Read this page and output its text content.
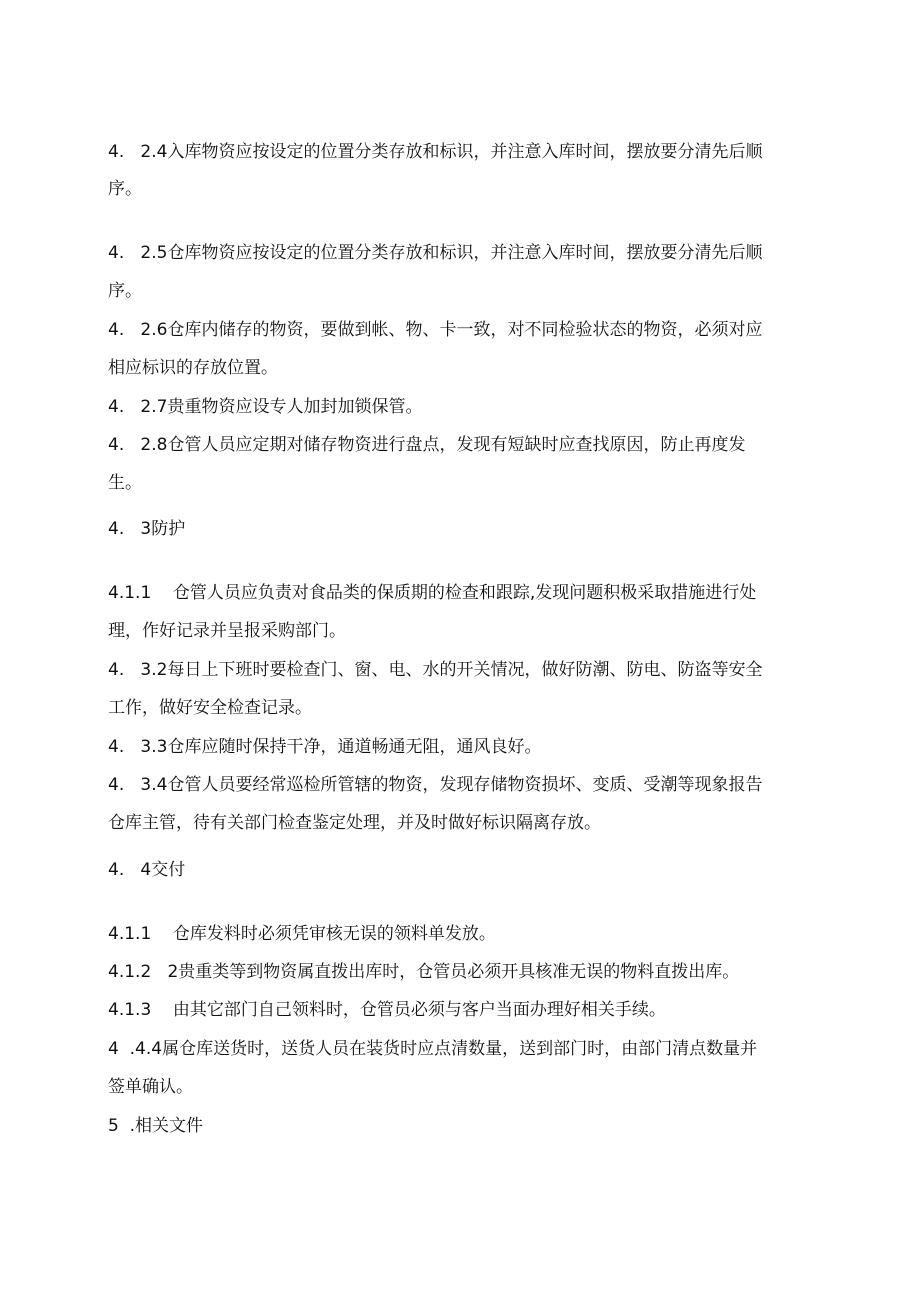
4.   2.4入库物资应按设定的位置分类存放和标识，并注意入库时间，摆放要分清先后顺
序。
4.   2.5仓库物资应按设定的位置分类存放和标识，并注意入库时间，摆放要分清先后顺
序。
4.   2.6仓库内储存的物资，要做到帐、物、卡一致，对不同检验状态的物资，必须对应
相应标识的存放位置。
4.   2.7贵重物资应设专人加封加锁保管。
4.   2.8仓管人员应定期对储存物资进行盘点，发现有短缺时应查找原因，防止再度发
生。
4.   3防护
4.1.1    仓管人员应负责对食品类的保质期的检查和跟踪,发现问题积极采取措施进行处
理，作好记录并呈报采购部门。
4.   3.2每日上下班时要检查门、窗、电、水的开关情况，做好防潮、防电、防盗等安全
工作，做好安全检查记录。
4.   3.3仓库应随时保持干净，通道畅通无阻，通风良好。
4.   3.4仓管人员要经常巡检所管辖的物资，发现存储物资损坏、变质、受潮等现象报告
仓库主管，待有关部门检查鉴定处理，并及时做好标识隔离存放。
4.   4交付
4.1.1    仓库发料时必须凭审核无误的领料单发放。
4.1.2   2贵重类等到物资属直拨出库时，仓管员必须开具核准无误的物料直拨出库。
4.1.3    由其它部门自己领料时，仓管员必须与客户当面办理好相关手续。
4  .4.4属仓库送货时，送货人员在装货时应点清数量，送到部门时，由部门清点数量并
签单确认。
5  .相关文件
